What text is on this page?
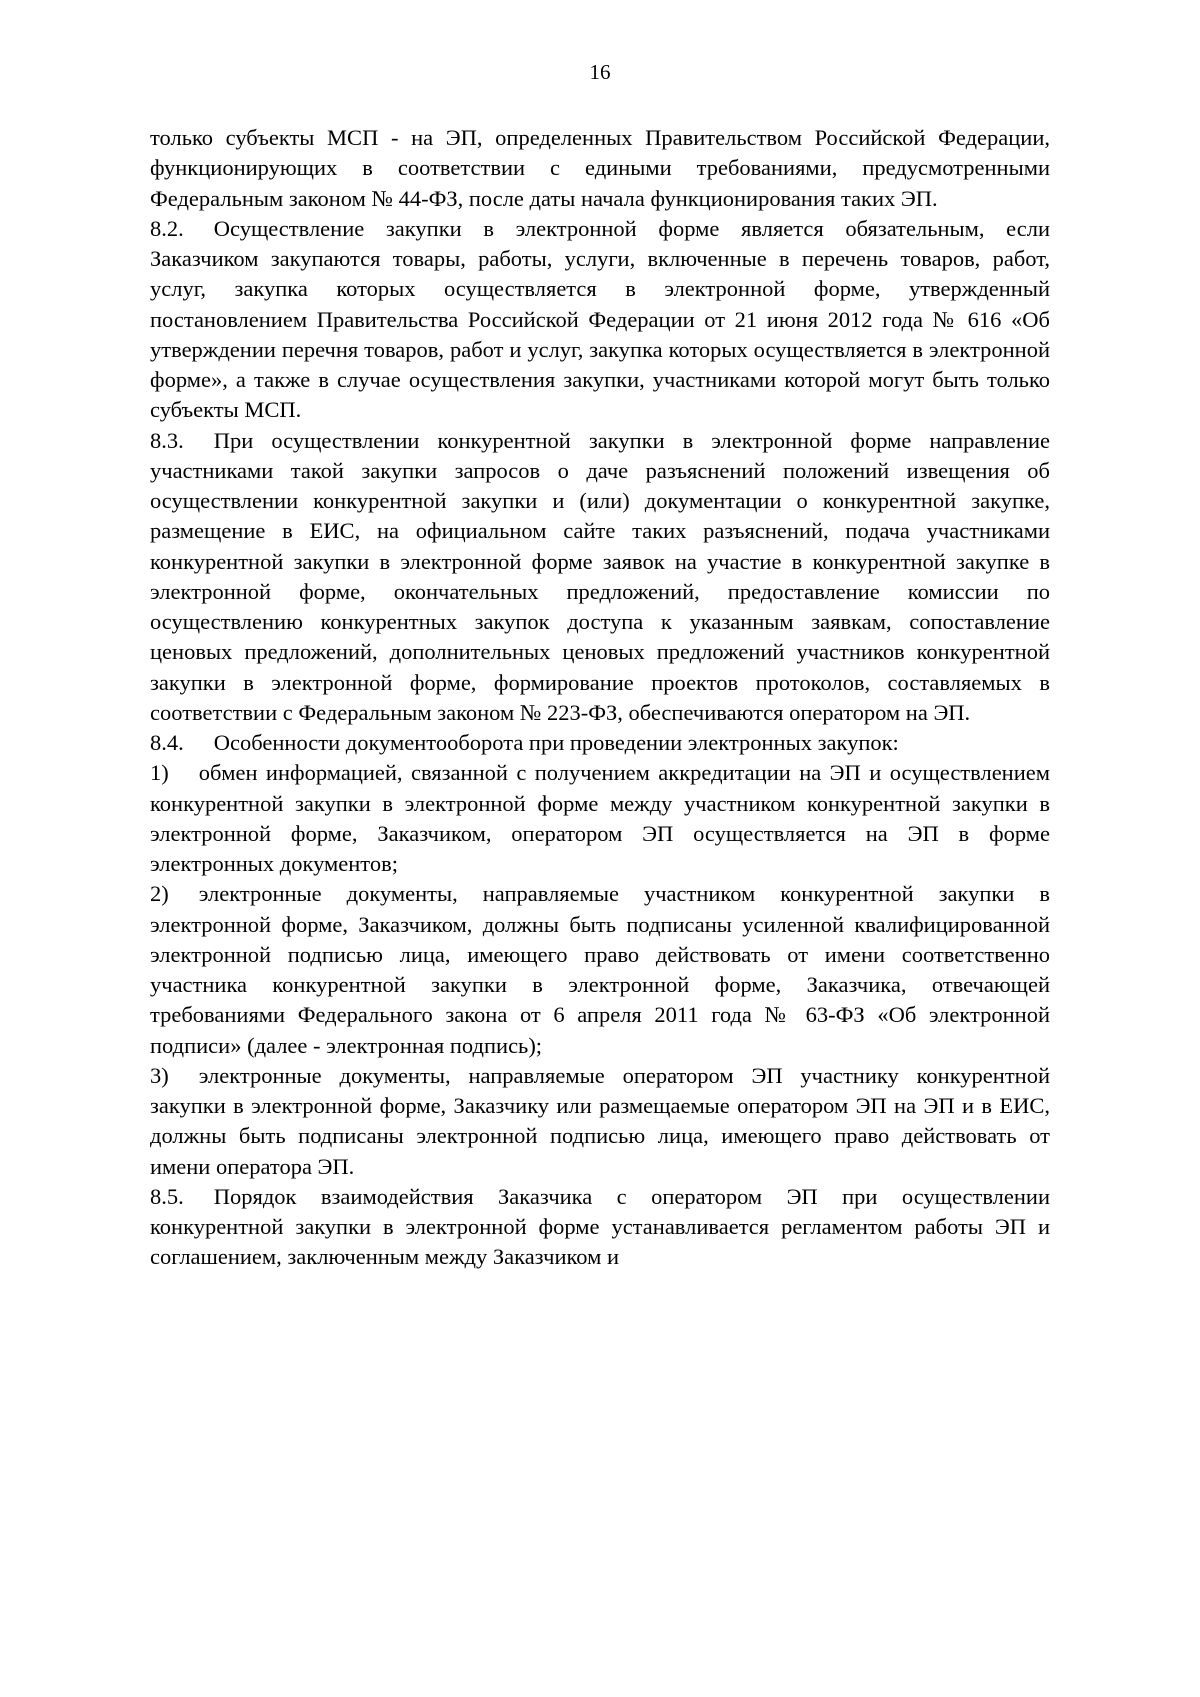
16

только субъекты МСП - на ЭП, определенных Правительством Российской Федерации, функционирующих в соответствии с едиными требованиями, предусмотренными Федеральным законом № 44-ФЗ, после даты начала функционирования таких ЭП.

8.2. Осуществление закупки в электронной форме является обязательным, если Заказчиком закупаются товары, работы, услуги, включенные в перечень товаров, работ, услуг, закупка которых осуществляется в электронной форме, утвержденный постановлением Правительства Российской Федерации от 21 июня 2012 года № 616 «Об утверждении перечня товаров, работ и услуг, закупка которых осуществляется в электронной форме», а также в случае осуществления закупки, участниками которой могут быть только субъекты МСП.

8.3. При осуществлении конкурентной закупки в электронной форме направление участниками такой закупки запросов о даче разъяснений положений извещения об осуществлении конкурентной закупки и (или) документации о конкурентной закупке, размещение в ЕИС, на официальном сайте таких разъяснений, подача участниками конкурентной закупки в электронной форме заявок на участие в конкурентной закупке в электронной форме, окончательных предложений, предоставление комиссии по осуществлению конкурентных закупок доступа к указанным заявкам, сопоставление ценовых предложений, дополнительных ценовых предложений участников конкурентной закупки в электронной форме, формирование проектов протоколов, составляемых в соответствии с Федеральным законом № 223-ФЗ, обеспечиваются оператором на ЭП.

8.4. Особенности документооборота при проведении электронных закупок:

1) обмен информацией, связанной с получением аккредитации на ЭП и осуществлением конкурентной закупки в электронной форме между участником конкурентной закупки в электронной форме, Заказчиком, оператором ЭП осуществляется на ЭП в форме электронных документов;

2) электронные документы, направляемые участником конкурентной закупки в электронной форме, Заказчиком, должны быть подписаны усиленной квалифицированной электронной подписью лица, имеющего право действовать от имени соответственно участника конкурентной закупки в электронной форме, Заказчика, отвечающей требованиями Федерального закона от 6 апреля 2011 года № 63-ФЗ «Об электронной подписи» (далее - электронная подпись);

3) электронные документы, направляемые оператором ЭП участнику конкурентной закупки в электронной форме, Заказчику или размещаемые оператором ЭП на ЭП и в ЕИС, должны быть подписаны электронной подписью лица, имеющего право действовать от имени оператора ЭП.

8.5. Порядок взаимодействия Заказчика с оператором ЭП при осуществлении конкурентной закупки в электронной форме устанавливается регламентом работы ЭП и соглашением, заключенным между Заказчиком и
